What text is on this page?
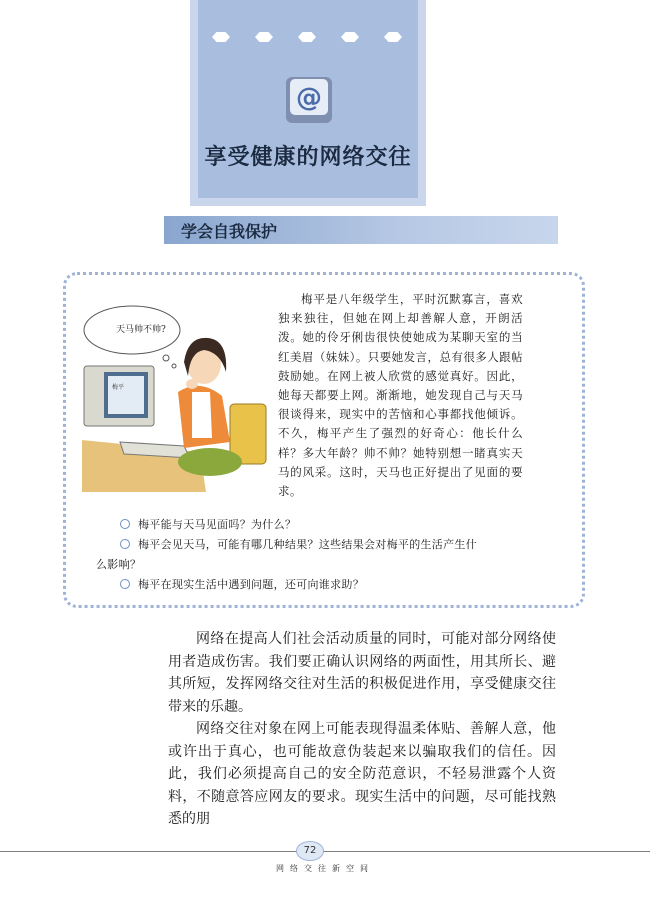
@
享受健康的网络交往
学会自我保护
梅平
天马帅不帅?
梅平是八年级学生，平时沉默寡言，喜欢独来独往，但她在网上却善解人意，开朗活泼。她的伶牙俐齿很快使她成为某聊天室的当红美眉（妹妹）。只要她发言，总有很多人跟帖鼓励她。在网上被人欣赏的感觉真好。因此，她每天都要上网。渐渐地，她发现自己与天马很谈得来，现实中的苦恼和心事都找他倾诉。不久，梅平产生了强烈的好奇心：他长什么样？多大年龄？帅不帅？她特别想一睹真实天马的风采。这时，天马也正好提出了见面的要求。
梅平能与天马见面吗？为什么？
梅平会见天马，可能有哪几种结果？这些结果会对梅平的生活产生什
么影响？
梅平在现实生活中遇到问题，还可向谁求助？

网络在提高人们社会活动质量的同时，可能对部分网络使用者造成伤害。我们要正确认识网络的两面性，用其所长、避其所短，发挥网络交往对生活的积极促进作用，享受健康交往带来的乐趣。

网络交往对象在网上可能表现得温柔体贴、善解人意，他或许出于真心，也可能故意伪装起来以骗取我们的信任。因此，我们必须提高自己的安全防范意识，不轻易泄露个人资料，不随意答应网友的要求。现实生活中的问题，尽可能找熟悉的朋

72
网络交往新空间
